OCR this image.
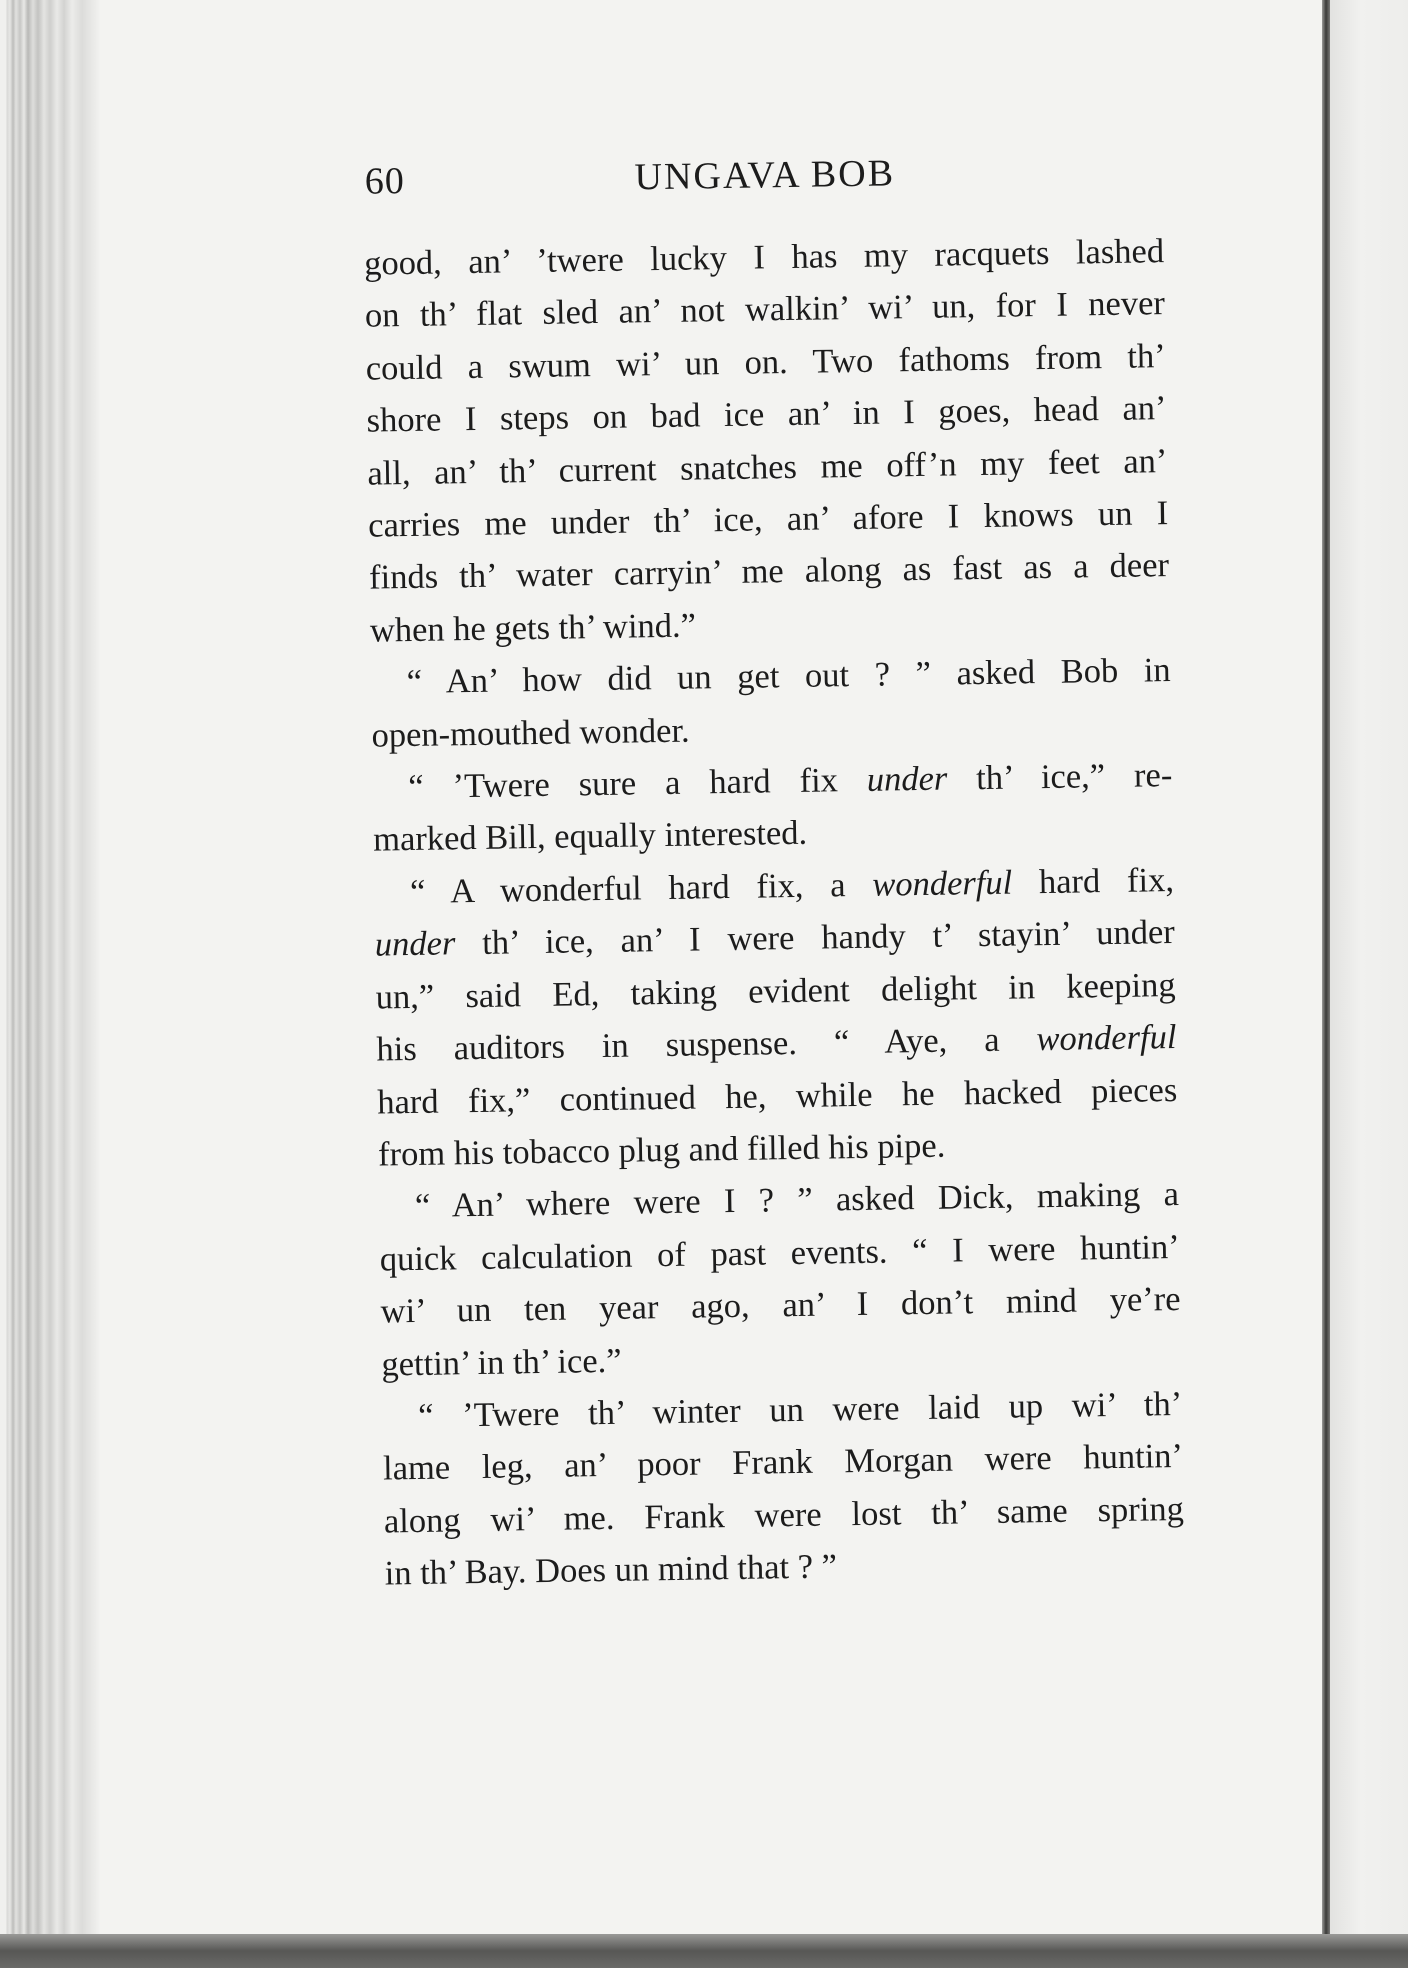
60	UNGAVA BOB
good, an’ ’twere lucky I has my racquets lashed
on th’ flat sled an’ not walkin’ wi’ un, for I never
could a swum wi’ un on. Two fathoms from th’
shore I steps on bad ice an’ in I goes, head an’
all, an’ th’ current snatches me off’n my feet an’
carries me under th’ ice, an’ afore I knows un I
finds th’ water carryin’ me along as fast as a deer
when he gets th’ wind.”
“ An’ how did un get out ? ” asked Bob in
open-mouthed wonder.
“ ’Twere sure a hard fix under th’ ice,” re-
marked Bill, equally interested.
“ A wonderful hard fix, a wonderful hard fix,
under th’ ice, an’ I were handy t’ stayin’ under
un,” said Ed, taking evident delight in keeping
his auditors in suspense. “ Aye, a wonderful
hard fix,” continued he, while he hacked pieces
from his tobacco plug and filled his pipe.
“ An’ where were I ? ” asked Dick, making a
quick calculation of past events. “ I were huntin’
wi’ un ten year ago, an’ I don’t mind ye’re
gettin’ in th’ ice.”
“ ’Twere th’ winter un were laid up wi’ th’
lame leg, an’ poor Frank Morgan were huntin’
along wi’ me. Frank were lost th’ same spring
in th’ Bay. Does un mind that ? ”
